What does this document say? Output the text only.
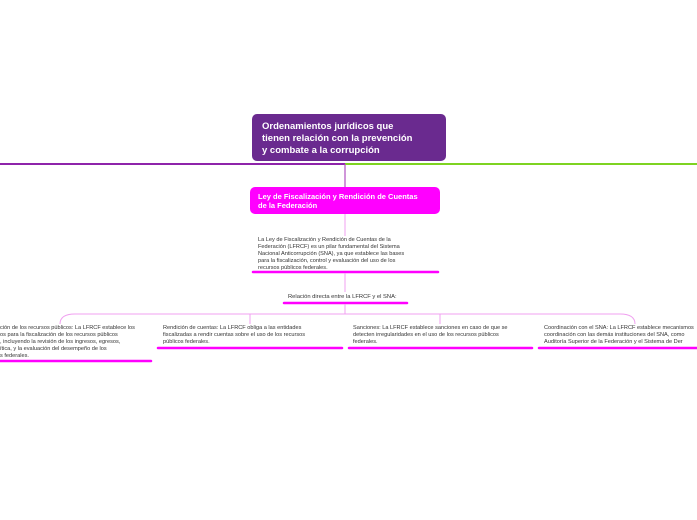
Ordenamientos jurídicos que
tienen relación con la prevención
y combate a la corrupción
Ley de Fiscalización y Rendición de Cuentas
de la Federación
La Ley de Fiscalización y Rendición de Cuentas de la
Federación (LFRCF) es un pilar fundamental del Sistema
Nacional Anticorrupción (SNA), ya que establece las bases
para la fiscalización, control y evaluación del uso de los
recursos públicos federales.
Relación directa entre la LFRCF y el SNA:
ción de los recursos públicos: La LFRCF establece los
os para la fiscalización de los recursos públicos
, incluyendo la revisión de los ingresos, egresos,
ítica, y la evaluación del desempeño de los
s federales.
Rendición de cuentas: La LFRCF obliga a las entidades
fiscalizadas a rendir cuentas sobre el uso de los recursos
públicos federales.
Sanciones: La LFRCF establece sanciones en caso de que se
detecten irregularidades en el uso de los recursos públicos
federales.
Coordinación con el SNA: La LFRCF establece mecanismos
coordinación con las demás instituciones del SNA, como
Auditoría Superior de la Federación y el Sistema de Der
